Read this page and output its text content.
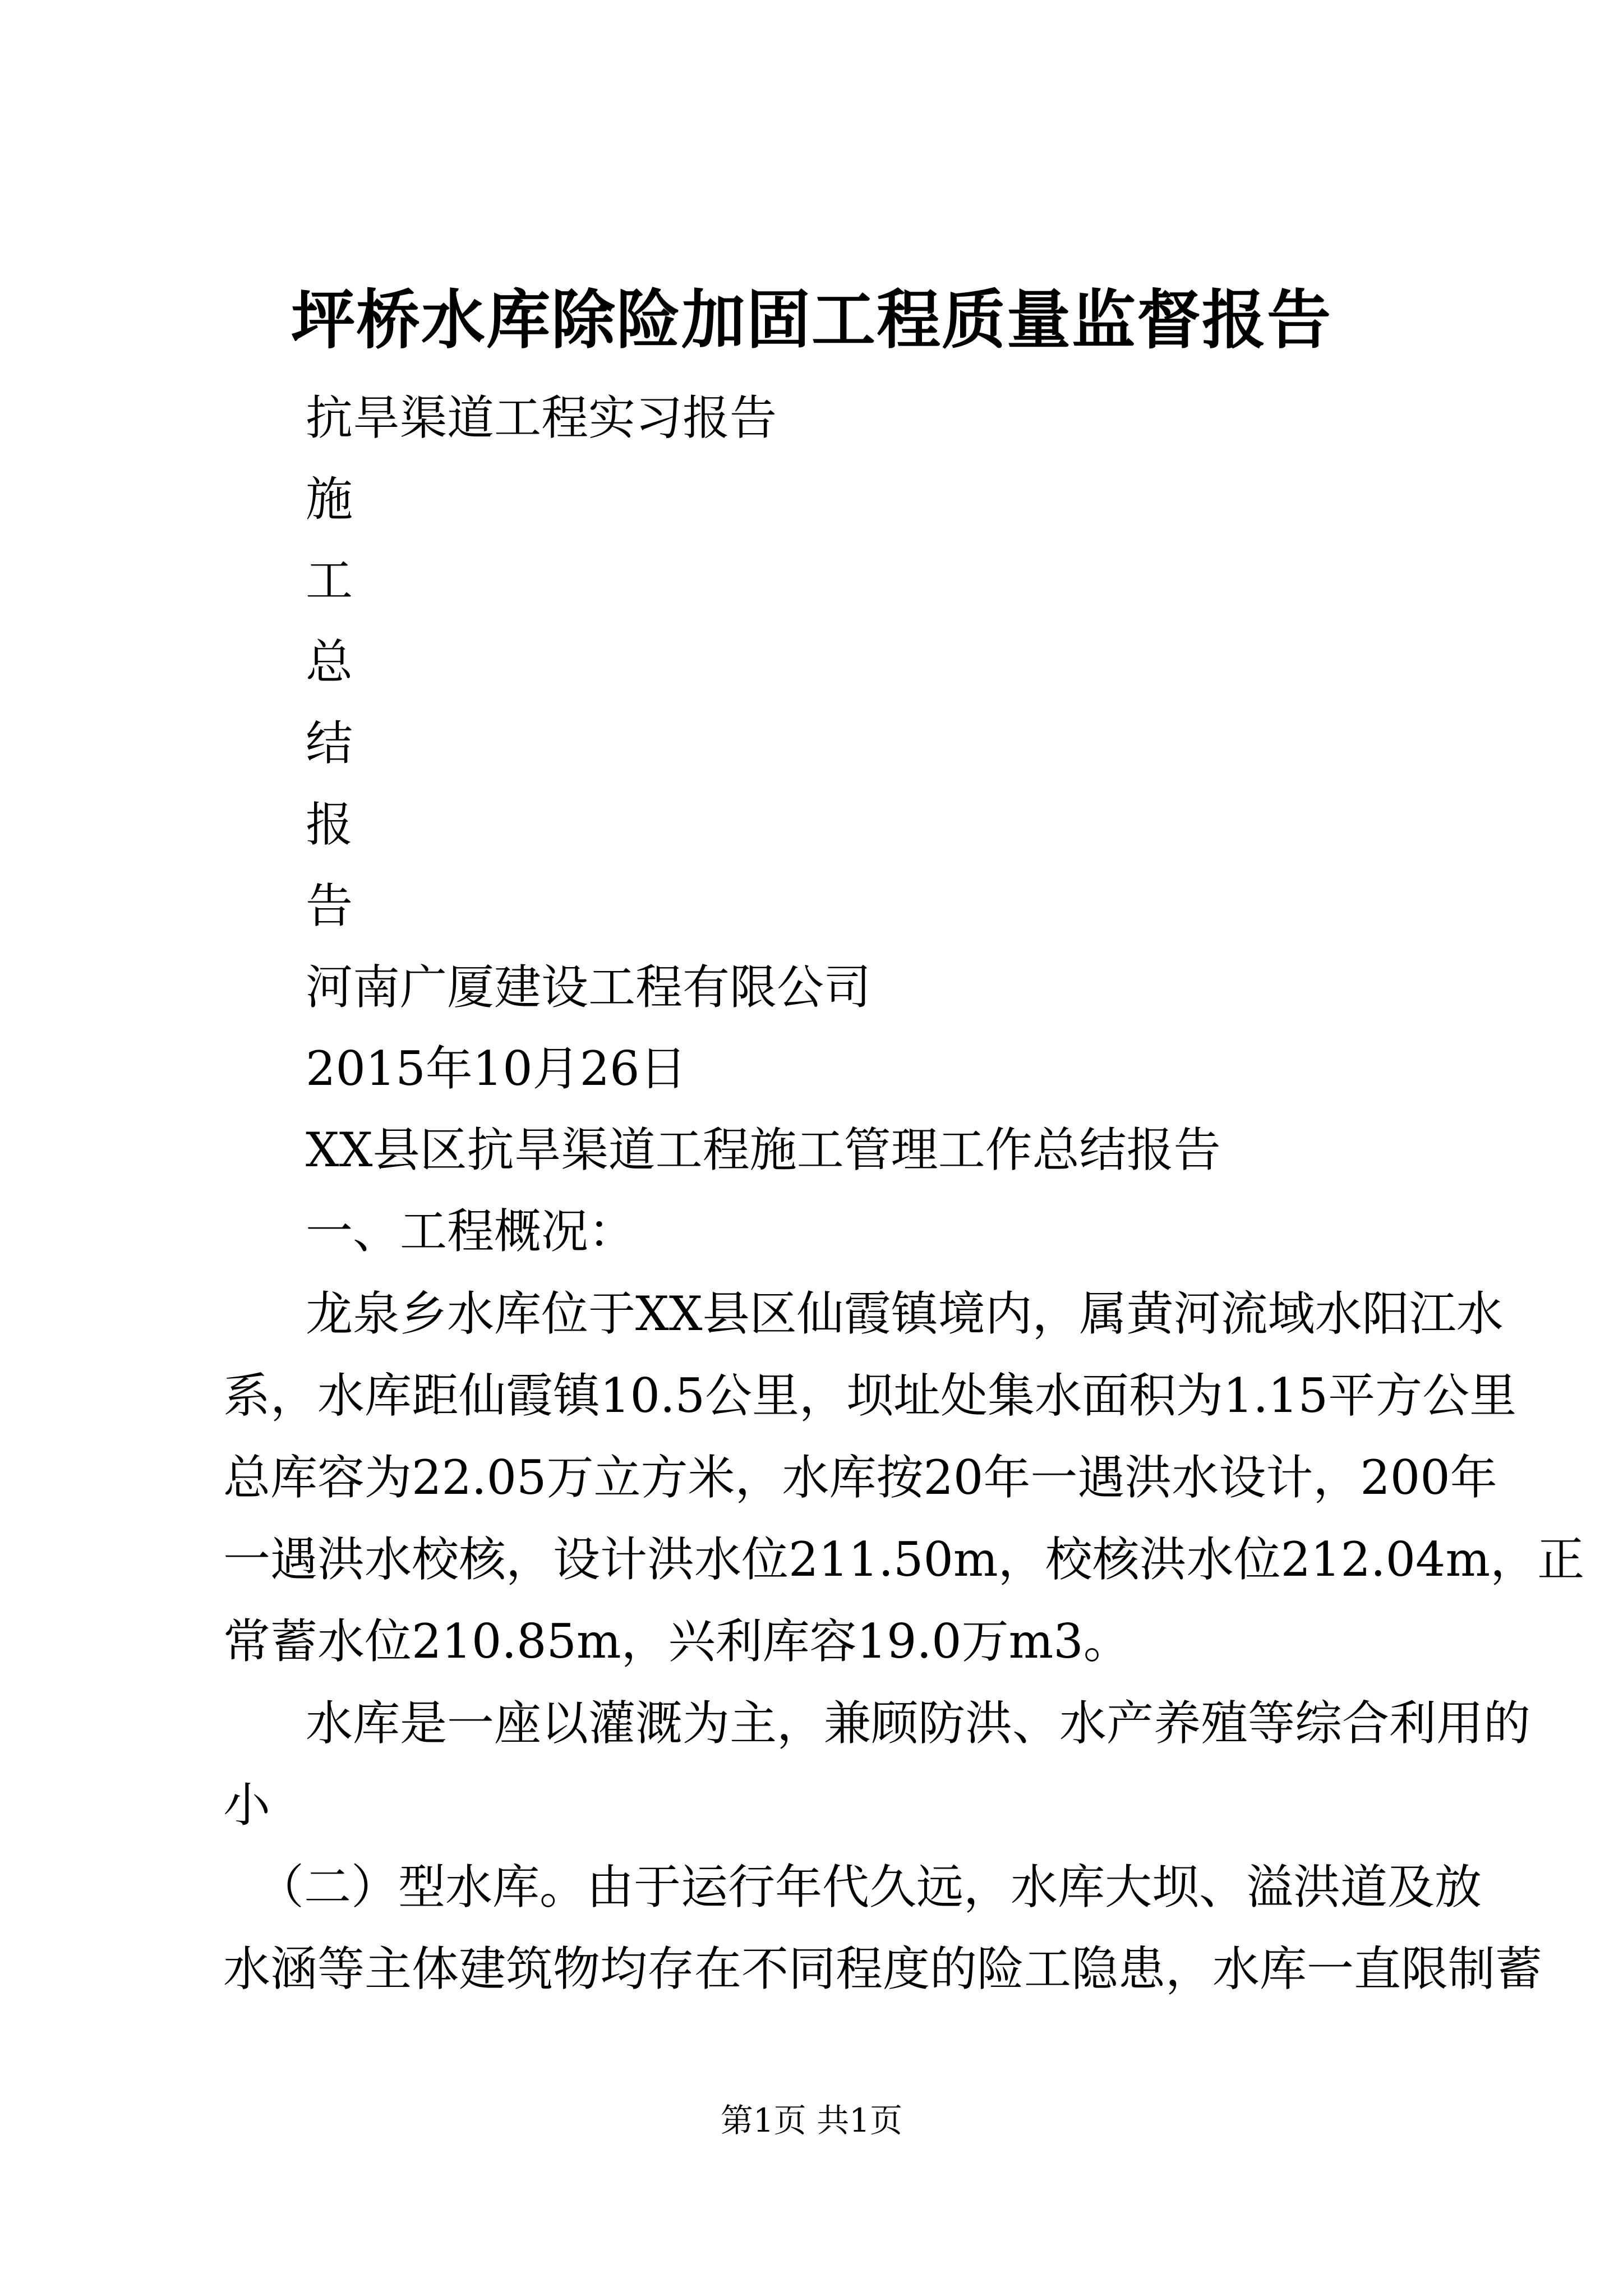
坪桥水库除险加固工程质量监督报告

抗旱渠道工程实习报告

施

工

总

结

报

告

河南广厦建设工程有限公司

2015年10月26日

XX县区抗旱渠道工程施工管理工作总结报告

一、工程概况：

龙泉乡水库位于XX县区仙霞镇境内，属黄河流域水阳江水
系，水库距仙霞镇10.5公里，坝址处集水面积为1.15平方公里
总库容为22.05万立方米，水库按20年一遇洪水设计，200年
一遇洪水校核，设计洪水位211.50m，校核洪水位212.04m，正
常蓄水位210.85m，兴利库容19.0万m3。
水库是一座以灌溉为主，兼顾防洪、水产养殖等综合利用的
小
（二）型水库。由于运行年代久远，水库大坝、溢洪道及放
水涵等主体建筑物均存在不同程度的险工隐患，水库一直限制蓄

第1页 共1页
